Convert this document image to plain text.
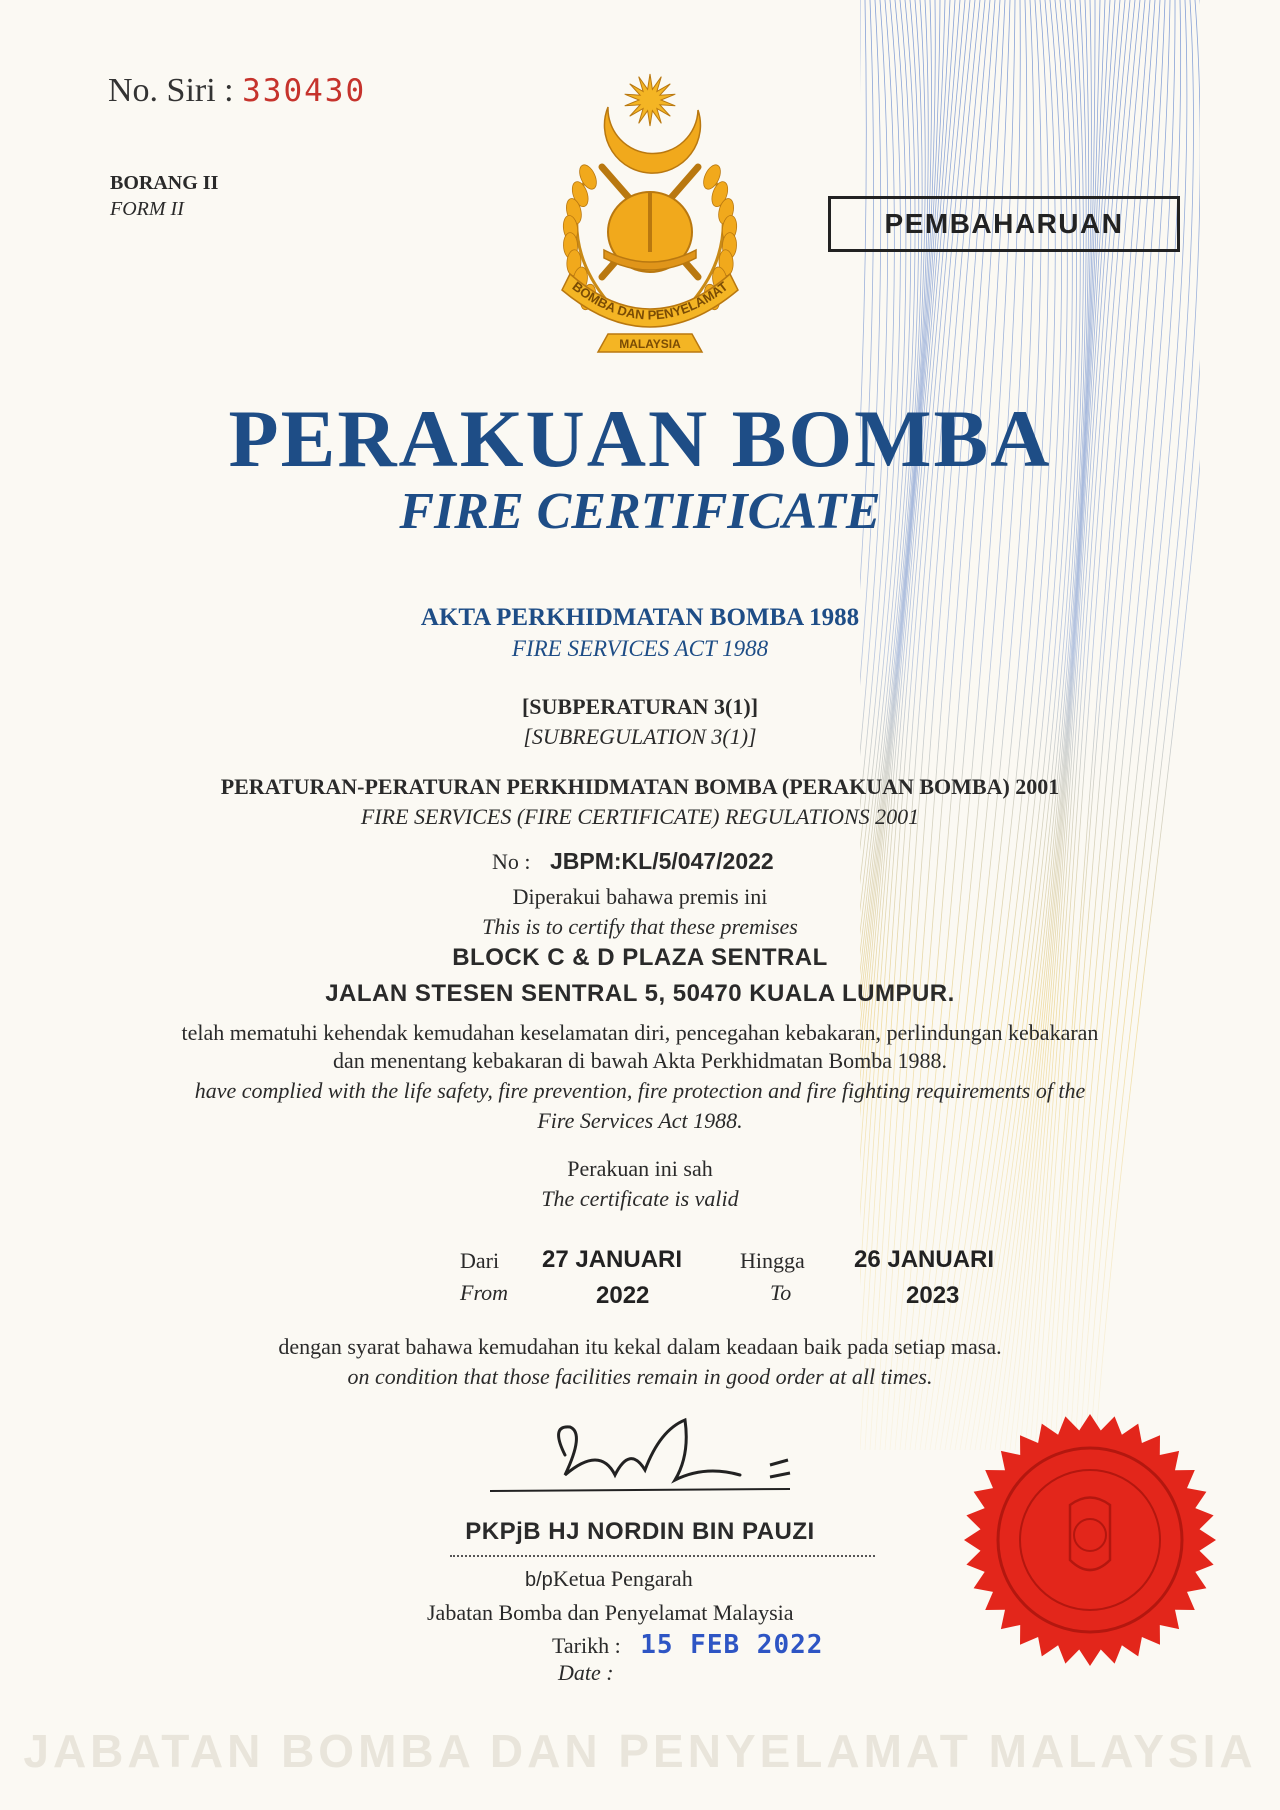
No. Siri : 330430
BORANG II
FORM II
BOMBA DAN PENYELAMAT
MALAYSIA
PEMBAHARUAN
PERAKUAN BOMBA
FIRE CERTIFICATE
AKTA PERKHIDMATAN BOMBA 1988
FIRE SERVICES ACT 1988
[SUBPERATURAN 3(1)]
[SUBREGULATION 3(1)]
PERATURAN-PERATURAN PERKHIDMATAN BOMBA (PERAKUAN BOMBA) 2001
FIRE SERVICES (FIRE CERTIFICATE) REGULATIONS 2001
No : JBPM:KL/5/047/2022
Diperakui bahawa premis ini
This is to certify that these premises
BLOCK C & D PLAZA SENTRAL
JALAN STESEN SENTRAL 5, 50470 KUALA LUMPUR.
telah mematuhi kehendak kemudahan keselamatan diri, pencegahan kebakaran, perlindungan kebakaran
dan menentang kebakaran di bawah Akta Perkhidmatan Bomba 1988.
have complied with the life safety, fire prevention, fire protection and fire fighting requirements of the
Fire Services Act 1988.
Perakuan ini sah
The certificate is valid
Dari
From
27 JANUARI
2022
Hingga
To
26 JANUARI
2023
dengan syarat bahawa kemudahan itu kekal dalam keadaan baik pada setiap masa.
on condition that those facilities remain in good order at all times.
PKPjB HJ NORDIN BIN PAUZI
b/pKetua Pengarah
Jabatan Bomba dan Penyelamat Malaysia
Tarikh : 15 FEB 2022
Date :
JABATAN BOMBA DAN PENYELAMAT MALAYSIA
